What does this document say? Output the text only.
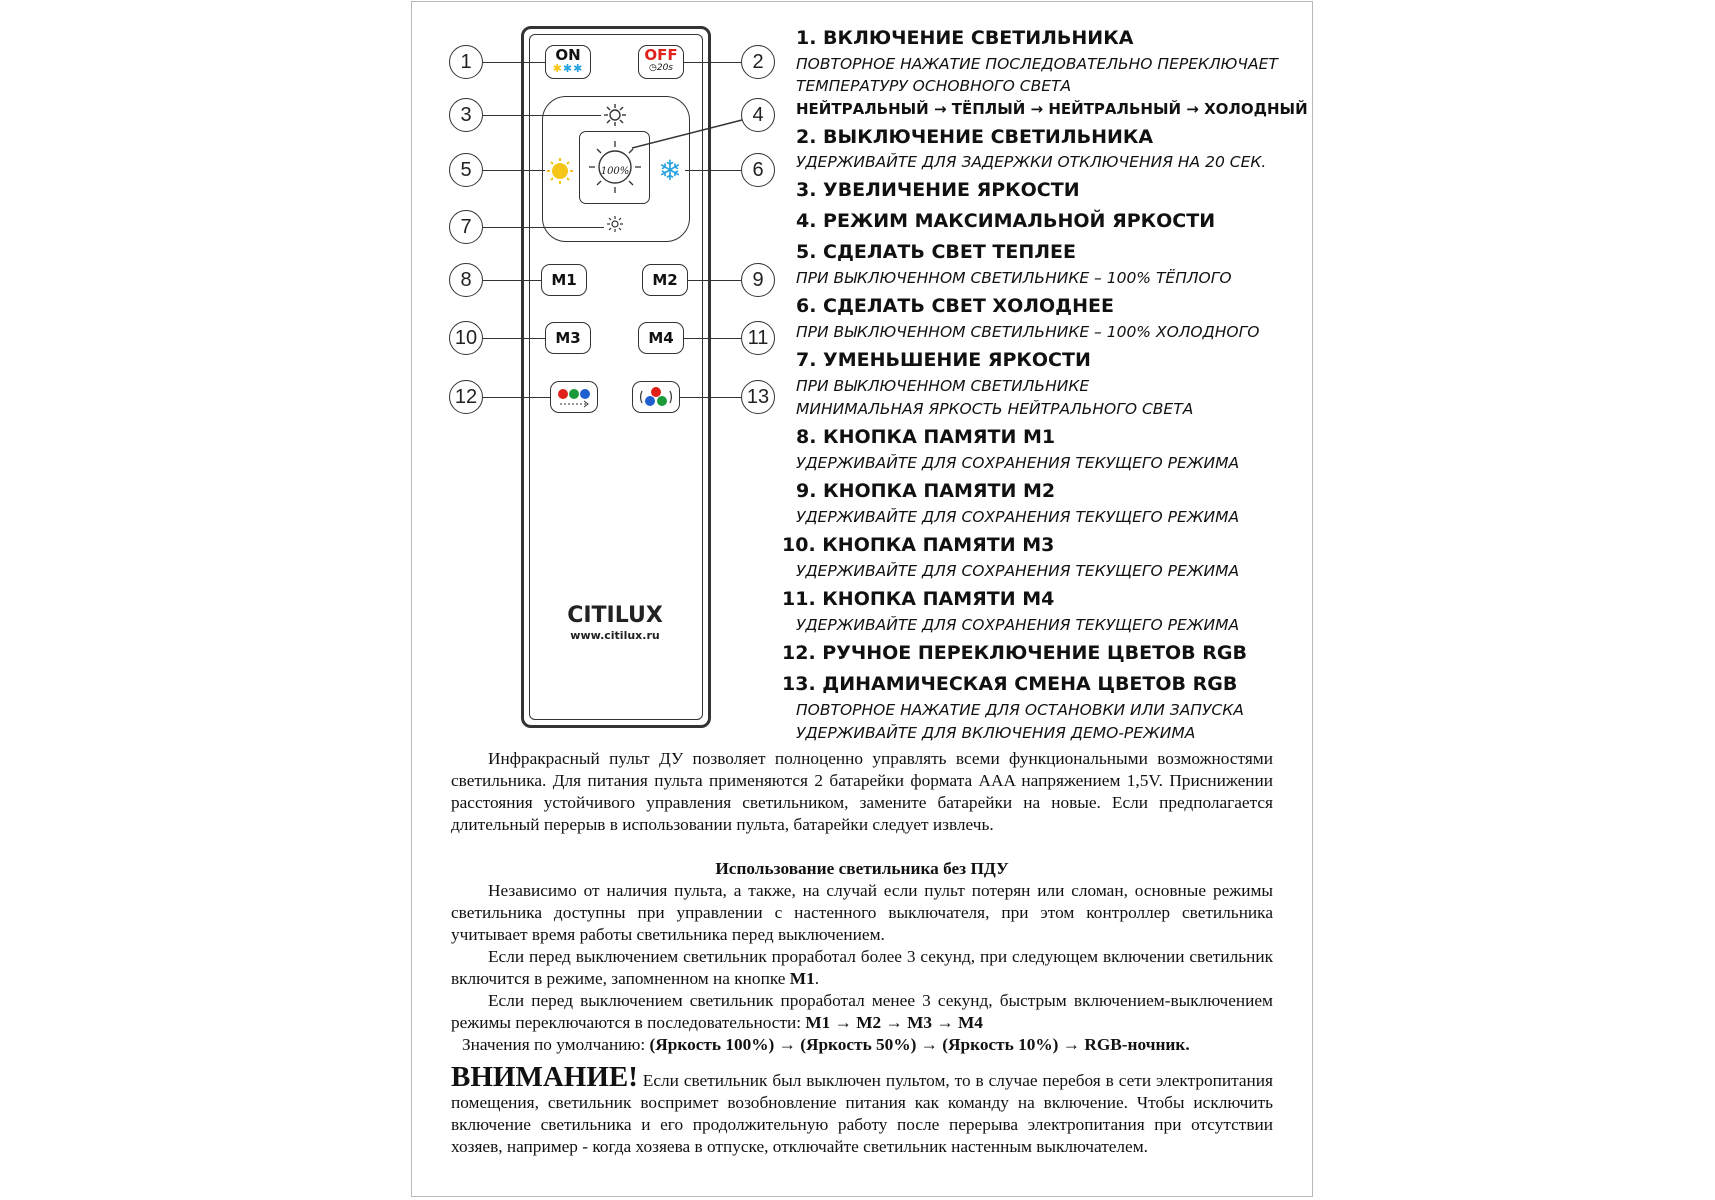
ON
✱✱✱
OFF
◷20s
❄
100%
M1	M2
M3	M4
CITILUX
www.citilux.ru
1	2
3	4
5	6
7
8	9
10	11
12	13
1. ВКЛЮЧЕНИЕ СВЕТИЛЬНИКА
ПОВТОРНОЕ НАЖАТИЕ ПОСЛЕДОВАТЕЛЬНО ПЕРЕКЛЮЧАЕТ
ТЕМПЕРАТУРУ ОСНОВНОГО СВЕТА
НЕЙТРАЛЬНЫЙ → ТЁПЛЫЙ → НЕЙТРАЛЬНЫЙ → ХОЛОДНЫЙ
2. ВЫКЛЮЧЕНИЕ СВЕТИЛЬНИКА
УДЕРЖИВАЙТЕ ДЛЯ ЗАДЕРЖКИ ОТКЛЮЧЕНИЯ НА 20 СЕК.
3. УВЕЛИЧЕНИЕ ЯРКОСТИ
4. РЕЖИМ МАКСИМАЛЬНОЙ ЯРКОСТИ
5. СДЕЛАТЬ СВЕТ ТЕПЛЕЕ
ПРИ ВЫКЛЮЧЕННОМ СВЕТИЛЬНИКЕ – 100% ТЁПЛОГО
6. СДЕЛАТЬ СВЕТ ХОЛОДНЕЕ
ПРИ ВЫКЛЮЧЕННОМ СВЕТИЛЬНИКЕ – 100% ХОЛОДНОГО
7. УМЕНЬШЕНИЕ ЯРКОСТИ
ПРИ ВЫКЛЮЧЕННОМ СВЕТИЛЬНИКЕ
МИНИМАЛЬНАЯ ЯРКОСТЬ НЕЙТРАЛЬНОГО СВЕТА
8. КНОПКА ПАМЯТИ M1
УДЕРЖИВАЙТЕ ДЛЯ СОХРАНЕНИЯ ТЕКУЩЕГО РЕЖИМА
9. КНОПКА ПАМЯТИ M2
УДЕРЖИВАЙТЕ ДЛЯ СОХРАНЕНИЯ ТЕКУЩЕГО РЕЖИМА
10. КНОПКА ПАМЯТИ M3
УДЕРЖИВАЙТЕ ДЛЯ СОХРАНЕНИЯ ТЕКУЩЕГО РЕЖИМА
11. КНОПКА ПАМЯТИ M4
УДЕРЖИВАЙТЕ ДЛЯ СОХРАНЕНИЯ ТЕКУЩЕГО РЕЖИМА
12. РУЧНОЕ ПЕРЕКЛЮЧЕНИЕ ЦВЕТОВ RGB
13. ДИНАМИЧЕСКАЯ СМЕНА ЦВЕТОВ RGB
ПОВТОРНОЕ НАЖАТИЕ ДЛЯ ОСТАНОВКИ ИЛИ ЗАПУСКА
УДЕРЖИВАЙТЕ ДЛЯ ВКЛЮЧЕНИЯ ДЕМО-РЕЖИМА
Инфракрасный пульт ДУ позволяет полноценно управлять всеми функциональными возможностями светильника. Для питания пульта применяются 2 батарейки формата AAA напряжением 1,5V. Приснижении расстояния устойчивого управления светильником, замените батарейки на новые. Если предполагается длительный перерыв в использовании пульта, батарейки следует извлечь.
Использование светильника без ПДУ
Независимо от наличия пульта, а также, на случай если пульт потерян или сломан, основные режимы светильника доступны при управлении с настенного выключателя, при этом контроллер светильника учитывает время работы светильника перед выключением.
Если перед выключением светильник проработал более 3 секунд, при следующем включении светильник включится в режиме, запомненном на кнопке M1.
Если перед выключением светильник проработал менее 3 секунд, быстрым включением-выключением режимы переключаются в последовательности: M1 → M2 → M3 → M4
Значения по умолчанию: (Яркость 100%) → (Яркость 50%) → (Яркость 10%) → RGB-ночник.
ВНИМАНИЕ! Если светильник был выключен пультом, то в случае перебоя в сети электропитания помещения, светильник воспримет возобновление питания как команду на включение. Чтобы исключить включение светильника и его продолжительную работу после перерыва электропитания при отсутствии хозяев, например - когда хозяева в отпуске, отключайте светильник настенным выключателем.
